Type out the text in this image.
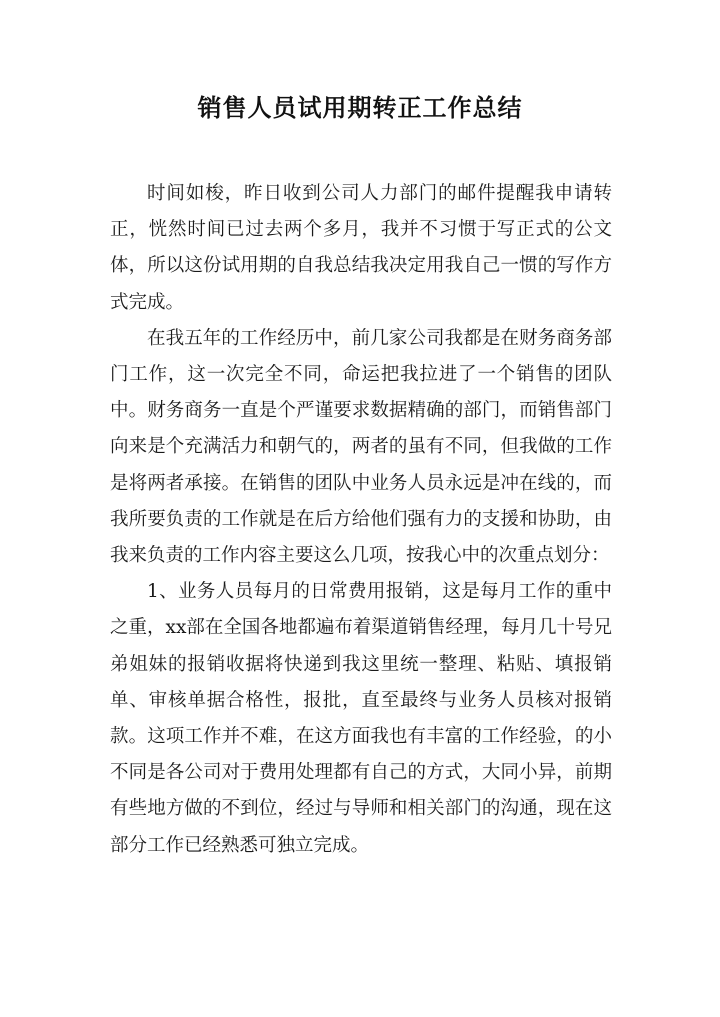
销售人员试用期转正工作总结

时间如梭，昨日收到公司人力部门的邮件提醒我申请转正，恍然时间已过去两个多月，我并不习惯于写正式的公文体，所以这份试用期的自我总结我决定用我自己一惯的写作方式完成。

在我五年的工作经历中，前几家公司我都是在财务商务部门工作，这一次完全不同，命运把我拉进了一个销售的团队中。财务商务一直是个严谨要求数据精确的部门，而销售部门向来是个充满活力和朝气的，两者的虽有不同，但我做的工作是将两者承接。在销售的团队中业务人员永远是冲在线的，而我所要负责的工作就是在后方给他们强有力的支援和协助，由我来负责的工作内容主要这么几项，按我心中的次重点划分：

1、业务人员每月的日常费用报销，这是每月工作的重中之重，xx部在全国各地都遍布着渠道销售经理，每月几十号兄弟姐妹的报销收据将快递到我这里统一整理、粘贴、填报销单、审核单据合格性，报批，直至最终与业务人员核对报销款。这项工作并不难，在这方面我也有丰富的工作经验，的小不同是各公司对于费用处理都有自己的方式，大同小异，前期有些地方做的不到位，经过与导师和相关部门的沟通，现在这部分工作已经熟悉可独立完成。
